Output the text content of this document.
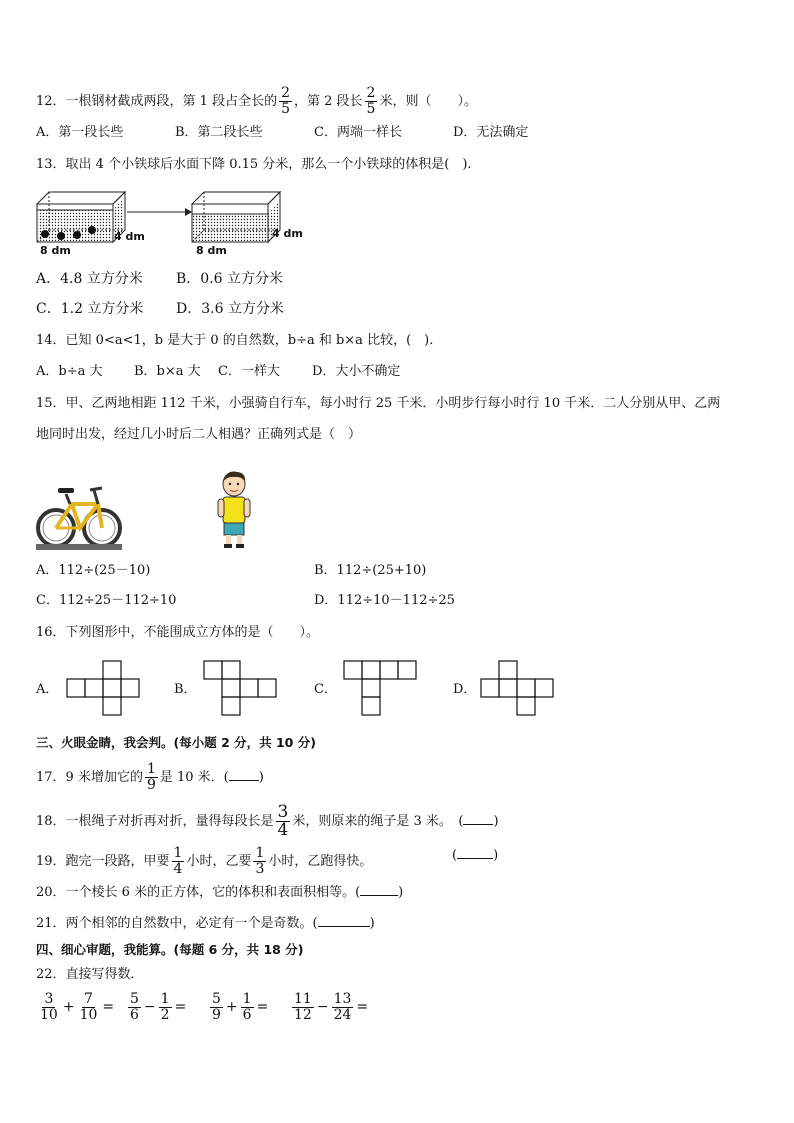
12．一根钢材截成两段，第 1 段占全长的 $\frac{2}{5}$ ，第 2 段长 $\frac{2}{5}$ 米，则（　　）。
A．第一段长些	B．第二段长些	C．两端一样长	D．无法确定
13．取出 4 个小铁球后水面下降 0.15 分米，那么一个小铁球的体积是(　).
8 dm
4 dm
8 dm
4 dm
A．4.8 立方分米 B．0.6 立方分米
C．1.2 立方分米 D．3.6 立方分米
14．已知 0<a<1，b 是大于 0 的自然数，b÷a 和 b×a 比较，(　).
A．b÷a 大 B．b×a 大 C．一样大 D．大小不确定
15．甲、乙两地相距 112 千米，小强骑自行车，每小时行 25 千米．小明步行每小时行 10 千米．二人分别从甲、乙两
地同时出发，经过几小时后二人相遇？正确列式是（　）
A．112÷(25－10)	B．112÷(25+10)
C．112÷25－112÷10	D．112÷10－112÷25
16．下列图形中，不能围成立方体的是（　　）。
A．	B．	C．	D．
三、火眼金睛，我会判。(每小题 2 分，共 10 分)
17．9 米增加它的 $\frac{1}{9}$ 是 10 米．( )
18．一根绳子对折再对折，量得每段长是 $\frac{3}{4}$ 米，则原来的绳子是 3 米。　( )
19．跑完一段路，甲要 $\frac{1}{4}$ 小时，乙要 $\frac{1}{3}$ 小时，乙跑得快。	(	)
20．一个棱长 6 米的正方体，它的体积和表面积相等。(	)
21．两个相邻的自然数中，必定有一个是奇数。(	)
四、细心审题，我能算。(每题 6 分，共 18 分)
22．直接写得数．
$\frac{3}{10} + \frac{7}{10} = \frac{5}{6} - \frac{1}{2} = \frac{5}{9} + \frac{1}{6} = \frac{11}{12} - \frac{13}{24}$ =
